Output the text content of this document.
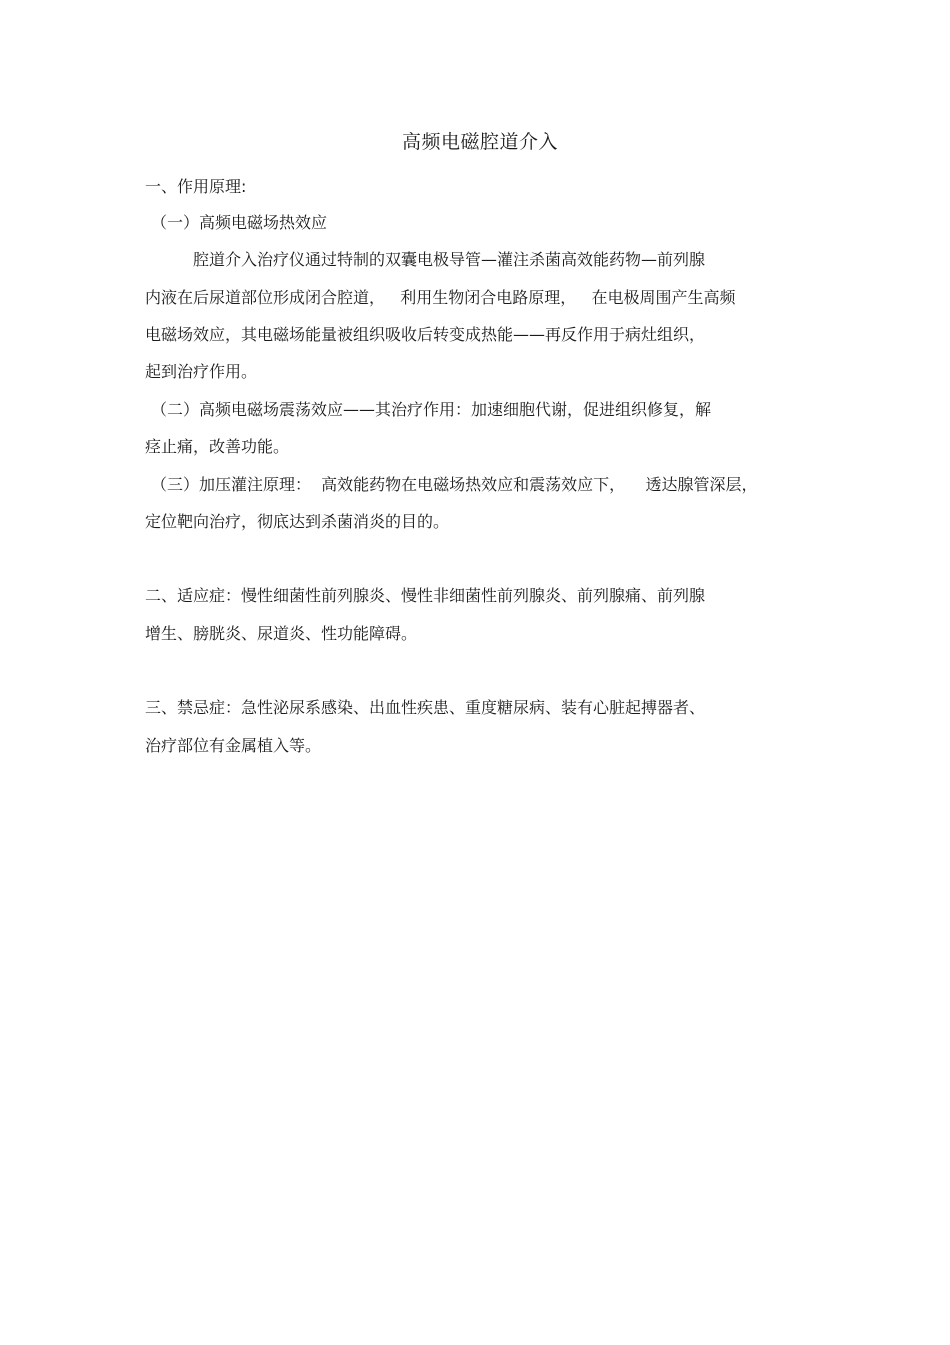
高频电磁腔道介入
一、作用原理:
（一）高频电磁场热效应
腔道介入治疗仪通过特制的双囊电极导管—灌注杀菌高效能药物—前列腺
内液在后尿道部位形成闭合腔道，   利用生物闭合电路原理，   在电极周围产生高频
电磁场效应，其电磁场能量被组织吸收后转变成热能——再反作用于病灶组织，
起到治疗作用。
（二）高频电磁场震荡效应——其治疗作用：加速细胞代谢，促进组织修复，解
痉止痛，改善功能。
（三）加压灌注原理：  高效能药物在电磁场热效应和震荡效应下，    透达腺管深层，
定位靶向治疗，彻底达到杀菌消炎的目的。
二、适应症：慢性细菌性前列腺炎、慢性非细菌性前列腺炎、前列腺痛、前列腺
增生、膀胱炎、尿道炎、性功能障碍。
三、禁忌症：急性泌尿系感染、出血性疾患、重度糖尿病、装有心脏起搏器者、
治疗部位有金属植入等。
